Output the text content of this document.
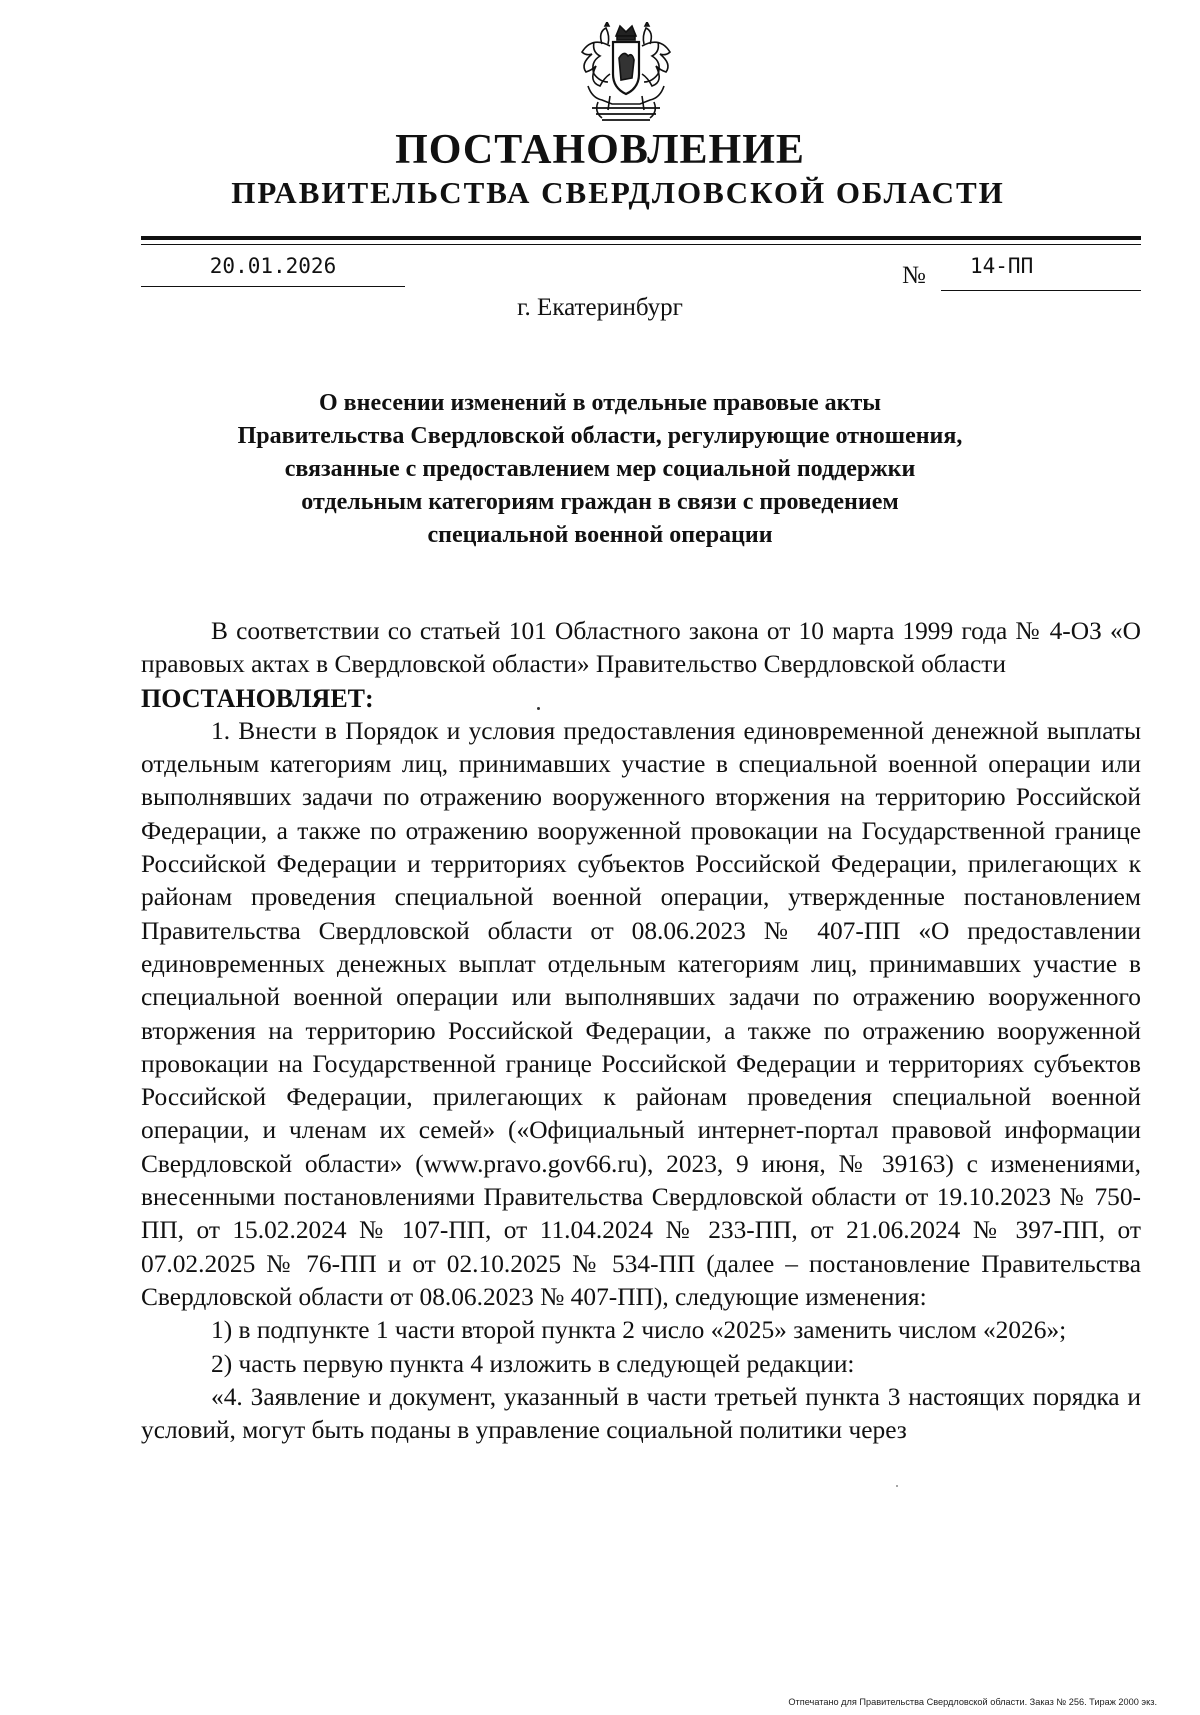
ПОСТАНОВЛЕНИЕ
ПРАВИТЕЛЬСТВА СВЕРДЛОВСКОЙ ОБЛАСТИ
20.01.2026	№	14-ПП
г. Екатеринбург
О внесении изменений в отдельные правовые акты
Правительства Свердловской области, регулирующие отношения,
связанные с предоставлением мер социальной поддержки
отдельным категориям граждан в связи с проведением
специальной военной операции

В соответствии со статьей 101 Областного закона от 10 марта 1999 года № 4-ОЗ «О правовых актах в Свердловской области» Правительство Свердловской области

ПОСТАНОВЛЯЕТ:

1. Внести в Порядок и условия предоставления единовременной денежной выплаты отдельным категориям лиц, принимавших участие в специальной военной операции или выполнявших задачи по отражению вооруженного вторжения на территорию Российской Федерации, а также по отражению вооруженной провокации на Государственной границе Российской Федерации и территориях субъектов Российской Федерации, прилегающих к районам проведения специальной военной операции, утвержденные постановлением Правительства Свердловской области от 08.06.2023 № 407-ПП «О предоставлении единовременных денежных выплат отдельным категориям лиц, принимавших участие в специальной военной операции или выполнявших задачи по отражению вооруженного вторжения на территорию Российской Федерации, а также по отражению вооруженной провокации на Государственной границе Российской Федерации и территориях субъектов Российской Федерации, прилегающих к районам проведения специальной военной операции, и членам их семей» («Официальный интернет-портал правовой информации Свердловской области» (www.pravo.gov66.ru), 2023, 9 июня, № 39163) с изменениями, внесенными постановлениями Правительства Свердловской области от 19.10.2023 № 750-ПП, от 15.02.2024 № 107-ПП, от 11.04.2024 № 233-ПП, от 21.06.2024 № 397-ПП, от 07.02.2025 № 76-ПП и от 02.10.2025 № 534-ПП (далее – постановление Правительства Свердловской области от 08.06.2023 № 407-ПП), следующие изменения:

1) в подпункте 1 части второй пункта 2 число «2025» заменить числом «2026»;

2) часть первую пункта 4 изложить в следующей редакции:

«4. Заявление и документ, указанный в части третьей пункта 3 настоящих порядка и условий, могут быть поданы в управление социальной политики через

Отпечатано для Правительства Свердловской области. Заказ № 256. Тираж 2000 экз.
